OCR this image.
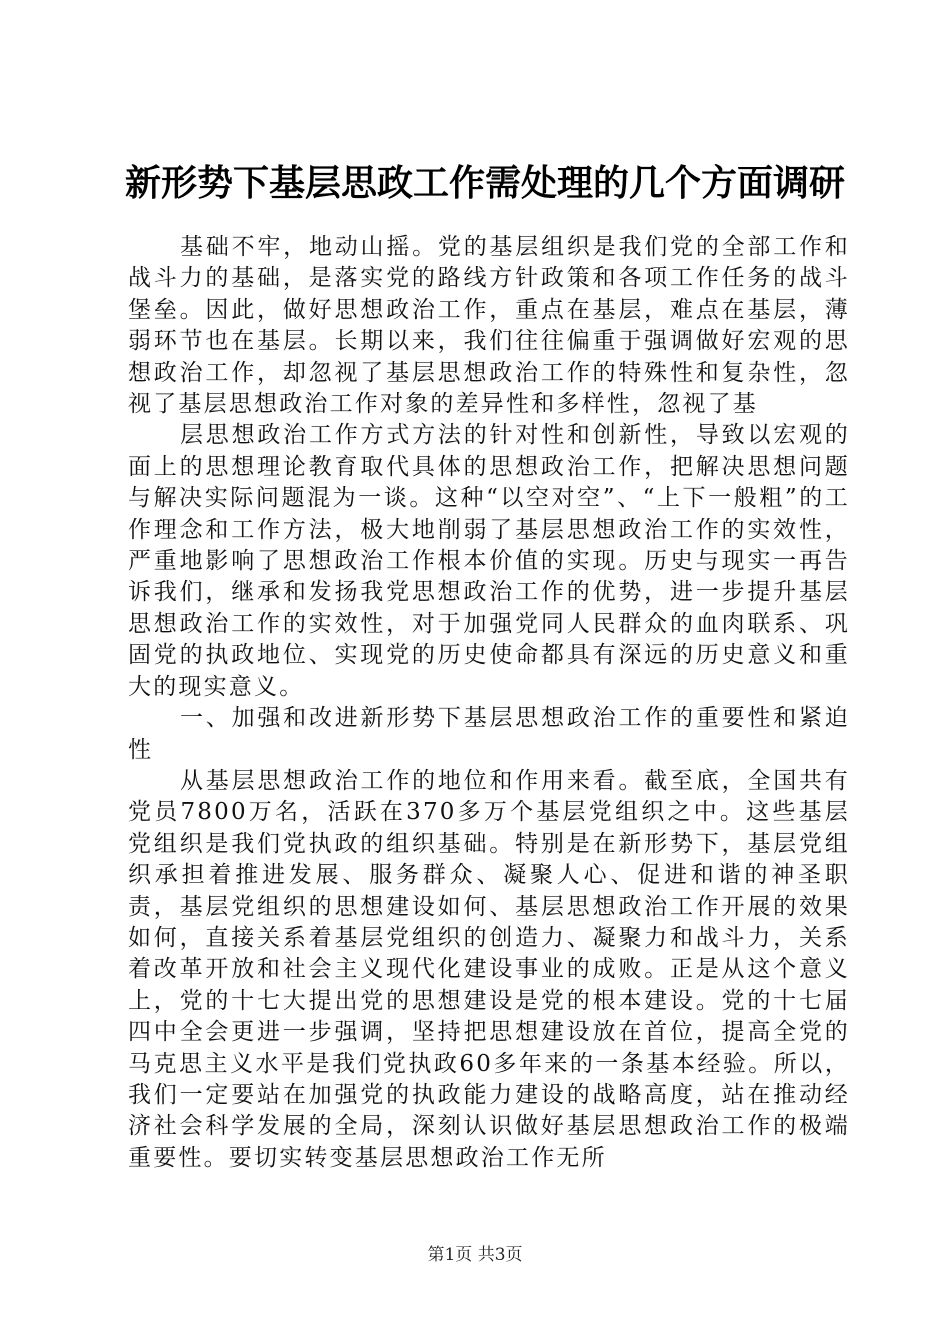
新形势下基层思政工作需处理的几个方面调研

基础不牢，地动山摇。党的基层组织是我们党的全部工作和战斗力的基础，是落实党的路线方针政策和各项工作任务的战斗堡垒。因此，做好思想政治工作，重点在基层，难点在基层，薄弱环节也在基层。长期以来，我们往往偏重于强调做好宏观的思想政治工作，却忽视了基层思想政治工作的特殊性和复杂性，忽视了基层思想政治工作对象的差异性和多样性，忽视了基

层思想政治工作方式方法的针对性和创新性，导致以宏观的面上的思想理论教育取代具体的思想政治工作，把解决思想问题与解决实际问题混为一谈。这种“以空对空”、“上下一般粗”的工作理念和工作方法，极大地削弱了基层思想政治工作的实效性，严重地影响了思想政治工作根本价值的实现。历史与现实一再告诉我们，继承和发扬我党思想政治工作的优势，进一步提升基层思想政治工作的实效性，对于加强党同人民群众的血肉联系、巩固党的执政地位、实现党的历史使命都具有深远的历史意义和重大的现实意义。

一、加强和改进新形势下基层思想政治工作的重要性和紧迫性

从基层思想政治工作的地位和作用来看。截至底，全国共有党员7800万名，活跃在370多万个基层党组织之中。这些基层党组织是我们党执政的组织基础。特别是在新形势下，基层党组织承担着推进发展、服务群众、凝聚人心、促进和谐的神圣职责，基层党组织的思想建设如何、基层思想政治工作开展的效果如何，直接关系着基层党组织的创造力、凝聚力和战斗力，关系着改革开放和社会主义现代化建设事业的成败。正是从这个意义上，党的十七大提出党的思想建设是党的根本建设。党的十七届四中全会更进一步强调，坚持把思想建设放在首位，提高全党的马克思主义水平是我们党执政60多年来的一条基本经验。所以，我们一定要站在加强党的执政能力建设的战略高度，站在推动经济社会科学发展的全局，深刻认识做好基层思想政治工作的极端重要性。要切实转变基层思想政治工作无所

第1页 共3页
